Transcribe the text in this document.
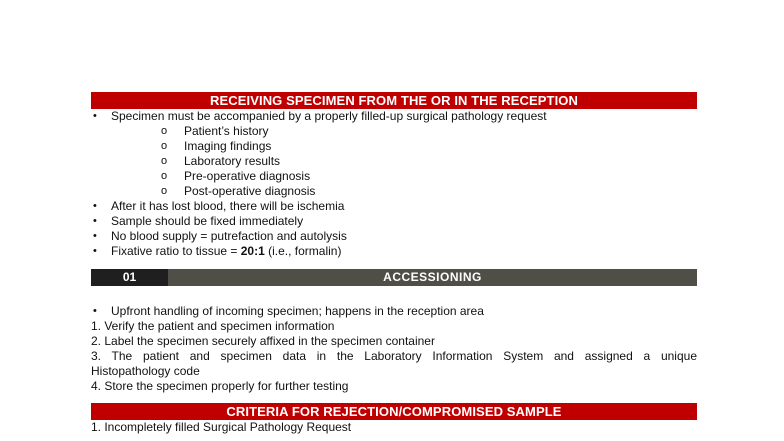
RECEIVING SPECIMEN FROM THE OR IN THE RECEPTION
• Specimen must be accompanied by a properly filled-up surgical pathology request
o Patient’s history
o Imaging findings
o Laboratory results
o Pre-operative diagnosis
o Post-operative diagnosis
• After it has lost blood, there will be ischemia
• Sample should be fixed immediately
• No blood supply = putrefaction and autolysis
• Fixative ratio to tissue = 20:1 (i.e., formalin)
01	ACCESSIONING
• Upfront handling of incoming specimen; happens in the reception area
1. Verify the patient and specimen information
2. Label the specimen securely affixed in the specimen container
3. The patient and specimen data in the Laboratory Information System and assigned a unique
Histopathology code
4. Store the specimen properly for further testing
CRITERIA FOR REJECTION/COMPROMISED SAMPLE
1. Incompletely filled Surgical Pathology Request
